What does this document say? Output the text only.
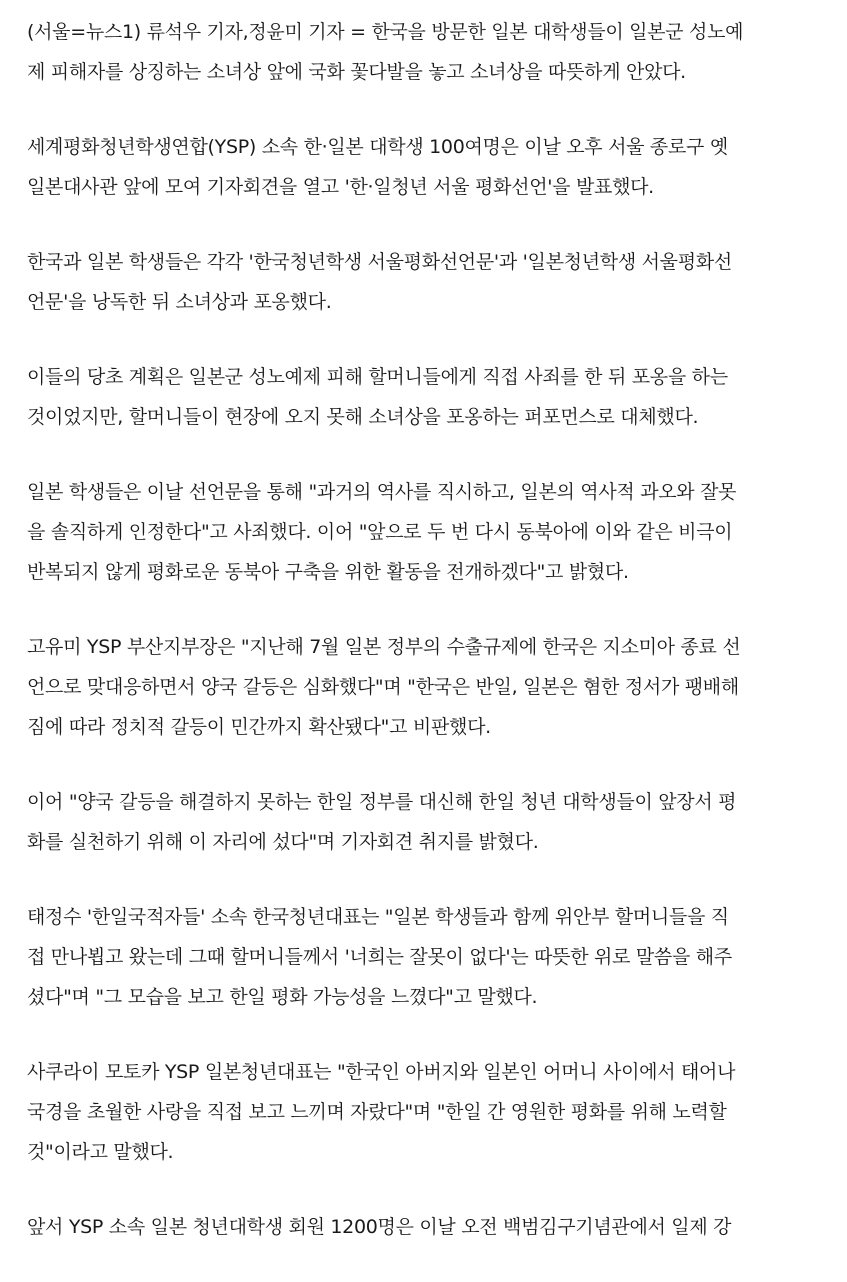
(서울=뉴스1) 류석우 기자,정윤미 기자 = 한국을 방문한 일본 대학생들이 일본군 성노예
제 피해자를 상징하는 소녀상 앞에 국화 꽃다발을 놓고 소녀상을 따뜻하게 안았다.

세계평화청년학생연합(YSP) 소속 한·일본 대학생 100여명은 이날 오후 서울 종로구 옛
일본대사관 앞에 모여 기자회견을 열고 '한·일청년 서울 평화선언'을 발표했다.

한국과 일본 학생들은 각각 '한국청년학생 서울평화선언문'과 '일본청년학생 서울평화선
언문'을 낭독한 뒤 소녀상과 포옹했다.

이들의 당초 계획은 일본군 성노예제 피해 할머니들에게 직접 사죄를 한 뒤 포옹을 하는
것이었지만, 할머니들이 현장에 오지 못해 소녀상을 포옹하는 퍼포먼스로 대체했다.

일본 학생들은 이날 선언문을 통해 "과거의 역사를 직시하고, 일본의 역사적 과오와 잘못
을 솔직하게 인정한다"고 사죄했다. 이어 "앞으로 두 번 다시 동북아에 이와 같은 비극이
반복되지 않게 평화로운 동북아 구축을 위한 활동을 전개하겠다"고 밝혔다.

고유미 YSP 부산지부장은 "지난해 7월 일본 정부의 수출규제에 한국은 지소미아 종료 선
언으로 맞대응하면서 양국 갈등은 심화했다"며 "한국은 반일, 일본은 혐한 정서가 팽배해
짐에 따라 정치적 갈등이 민간까지 확산됐다"고 비판했다.

이어 "양국 갈등을 해결하지 못하는 한일 정부를 대신해 한일 청년 대학생들이 앞장서 평
화를 실천하기 위해 이 자리에 섰다"며 기자회견 취지를 밝혔다.

태정수 '한일국적자들' 소속 한국청년대표는 "일본 학생들과 함께 위안부 할머니들을 직
접 만나뵙고 왔는데 그때 할머니들께서 '너희는 잘못이 없다'는 따뜻한 위로 말씀을 해주
셨다"며 "그 모습을 보고 한일 평화 가능성을 느꼈다"고 말했다.

사쿠라이 모토카 YSP 일본청년대표는 "한국인 아버지와 일본인 어머니 사이에서 태어나
국경을 초월한 사랑을 직접 보고 느끼며 자랐다"며 "한일 간 영원한 평화를 위해 노력할
것"이라고 말했다.

앞서 YSP 소속 일본 청년대학생 회원 1200명은 이날 오전 백범김구기념관에서 일제 강
